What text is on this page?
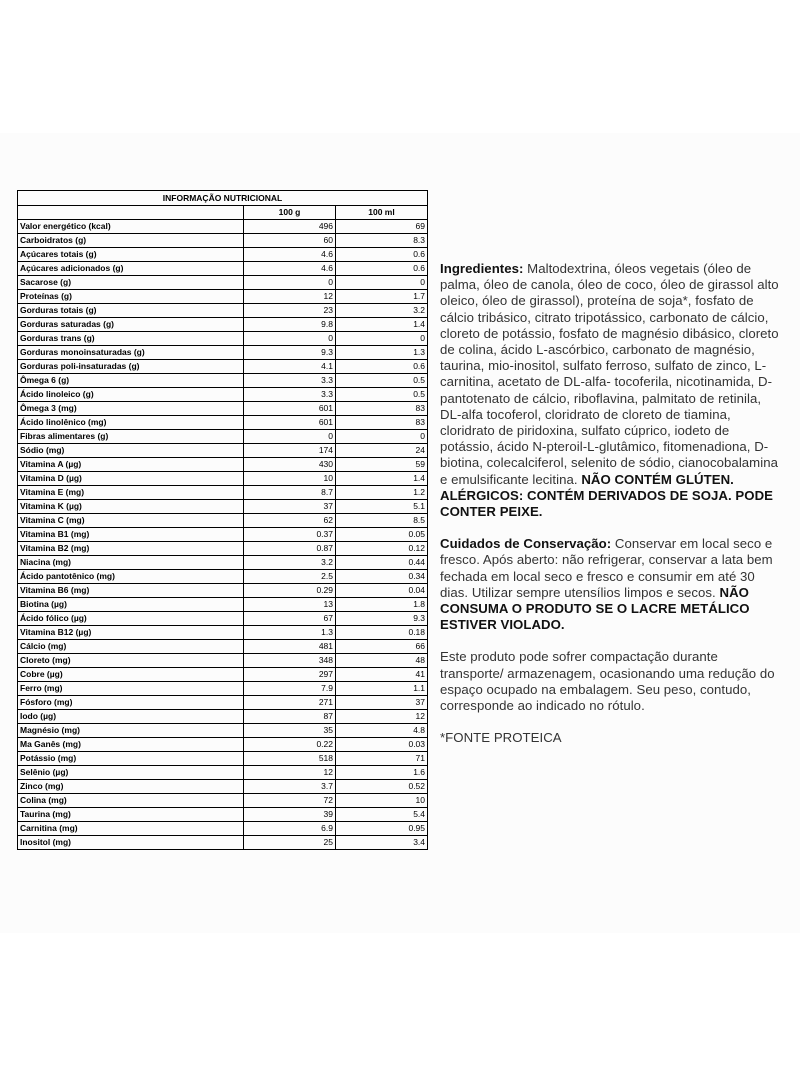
INFORMAÇÃO NUTRICIONAL		
	100 g	100 ml
Valor energético (kcal)	496	69
Carboidratos (g)	60	8.3
Açúcares totais (g)	4.6	0.6
Açúcares adicionados (g)	4.6	0.6
Sacarose (g)	0	0
Proteínas (g)	12	1.7
Gorduras totais (g)	23	3.2
Gorduras saturadas (g)	9.8	1.4
Gorduras trans (g)	0	0
Gorduras monoinsaturadas (g)	9.3	1.3
Gorduras poli-insaturadas (g)	4.1	0.6
Ômega 6 (g)	3.3	0.5
Ácido linoleico (g)	3.3	0.5
Ômega 3 (mg)	601	83
Ácido linolênico (mg)	601	83
Fibras alimentares (g)	0	0
Sódio (mg)	174	24
Vitamina A (µg)	430	59
Vitamina D (µg)	10	1.4
Vitamina E (mg)	8.7	1.2
Vitamina K (µg)	37	5.1
Vitamina C (mg)	62	8.5
Vitamina B1 (mg)	0.37	0.05
Vitamina B2 (mg)	0.87	0.12
Niacina (mg)	3.2	0.44
Ácido pantotênico (mg)	2.5	0.34
Vitamina B6 (mg)	0.29	0.04
Biotina (µg)	13	1.8
Ácido fólico (µg)	67	9.3
Vitamina B12 (µg)	1.3	0.18
Cálcio (mg)	481	66
Cloreto (mg)	348	48
Cobre (µg)	297	41
Ferro (mg)	7.9	1.1
Fósforo (mg)	271	37
Iodo (µg)	87	12
Magnésio (mg)	35	4.8
Ma Ganês (mg)	0.22	0.03
Potássio (mg)	518	71
Selênio (µg)	12	1.6
Zinco (mg)	3.7	0.52
Colina (mg)	72	10
Taurina (mg)	39	5.4
Carnitina (mg)	6.9	0.95
Inositol (mg)	25	3.4

Ingredientes: Maltodextrina, óleos vegetais (óleo de palma, óleo de canola, óleo de coco, óleo de girassol alto oleico, óleo de girassol), proteína de soja*, fosfato de cálcio tribásico, citrato tripotássico, carbonato de cálcio, cloreto de potássio, fosfato de magnésio dibásico, cloreto de colina, ácido L-ascórbico, carbonato de magnésio, taurina, mio-inositol, sulfato ferroso, sulfato de zinco, L-carnitina, acetato de DL-alfa- tocoferila, nicotinamida, D-pantotenato de cálcio, riboflavina, palmitato de retinila, DL-alfa tocoferol, cloridrato de cloreto de tiamina, cloridrato de piridoxina, sulfato cúprico, iodeto de potássio, ácido N-pteroil-L-glutâmico, fitomenadiona, D-biotina, colecalciferol, selenito de sódio, cianocobalamina e emulsificante lecitina. NÃO CONTÉM GLÚTEN. ALÉRGICOS: CONTÉM DERIVADOS DE SOJA. PODE CONTER PEIXE.

Cuidados de Conservação: Conservar em local seco e fresco. Após aberto: não refrigerar, conservar a lata bem fechada em local seco e fresco e consumir em até 30 dias. Utilizar sempre utensílios limpos e secos. NÃO CONSUMA O PRODUTO SE O LACRE METÁLICO ESTIVER VIOLADO.

Este produto pode sofrer compactação durante transporte/ armazenagem, ocasionando uma redução do espaço ocupado na embalagem. Seu peso, contudo, corresponde ao indicado no rótulo.

*FONTE PROTEICA
